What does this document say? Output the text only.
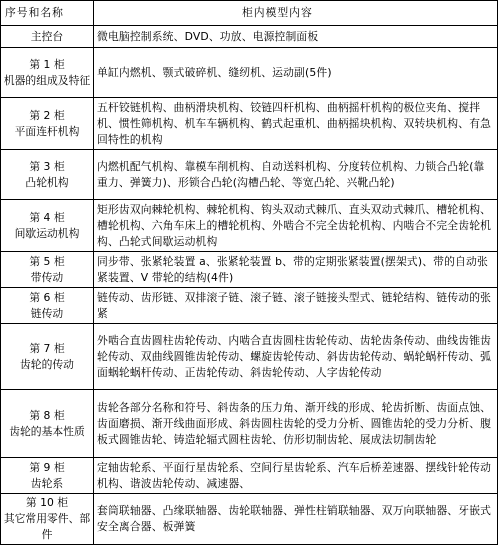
序号和名称	柜内模型内容
主控台	微电脑控制系统、DVD、功放、电源控制面板
第 1 柜
机器的组成及特征	单缸内燃机、颚式破碎机、缝纫机、运动副(5件)
第 2 柜
平面连杆机构	五杆铰链机构、曲柄滑块机构、铰链四杆机构、曲柄摇杆机构的极位夹角、搅拌机、惯性筛机构、机车车辆机构、鹤式起重机、曲柄摇块机构、双转块机构、有急回特性的机构
第 3 柜
凸轮机构	内燃机配气机构、靠模车削机构、自动送料机构、分度转位机构、力锁合凸轮(靠重力、弹簧力)、形锁合凸轮(沟槽凸轮、等宽凸轮、兴靴凸轮)
第 4 柜
间歇运动机构	矩形齿双向棘轮机构、棘轮机构、钩头双动式棘爪、直头双动式棘爪、槽轮机构、槽轮机构、六角车床上的槽轮机构、外啮合不完全齿轮机构、内啮合不完全齿轮机构、凸轮式间歇运动机构
第 5 柜
带传动	同步带、张紧轮装置 a、张紧轮装置 b、带的定期张紧装置(摆架式)、带的自动张紧装置、V 带轮的结构(4件)
第 6 柜
链传动	链传动、齿形链、双排滚子链、滚子链、滚子链接头型式、链轮结构、链传动的张紧
第 7 柜
齿轮的传动	外啮合直齿圆柱齿轮传动、内啮合直齿圆柱齿轮传动、齿轮齿条传动、曲线齿锥齿轮传动、双曲线圆锥齿轮传动、螺旋齿轮传动、斜齿齿轮传动、蜗轮蜗杆传动、弧面蜗轮蜗杆传动、正齿轮传动、斜齿轮传动、人字齿轮传动
第 8 柜
齿轮的基本性质	齿轮各部分名称和符号、斜齿条的压力角、渐开线的形成、轮齿折断、齿面点蚀、齿面磨损、渐开线曲面形成、斜齿圆柱齿轮的受力分析、圆锥齿轮的受力分析、腹板式圆锥齿轮、铸造轮辐式圆柱齿轮、仿形切制齿轮、展成法切制齿轮
第 9 柜
齿轮系	定轴齿轮系、平面行星齿轮系、空间行星齿轮系、汽车后桥差速器、摆线针轮传动机构、谐波齿轮传动、减速器、
第 10 柜
其它常用零件、部件	套筒联轴器、凸缘联轴器、齿轮联轴器、弹性柱销联轴器、双万向联轴器、牙嵌式安全离合器、板弹簧
